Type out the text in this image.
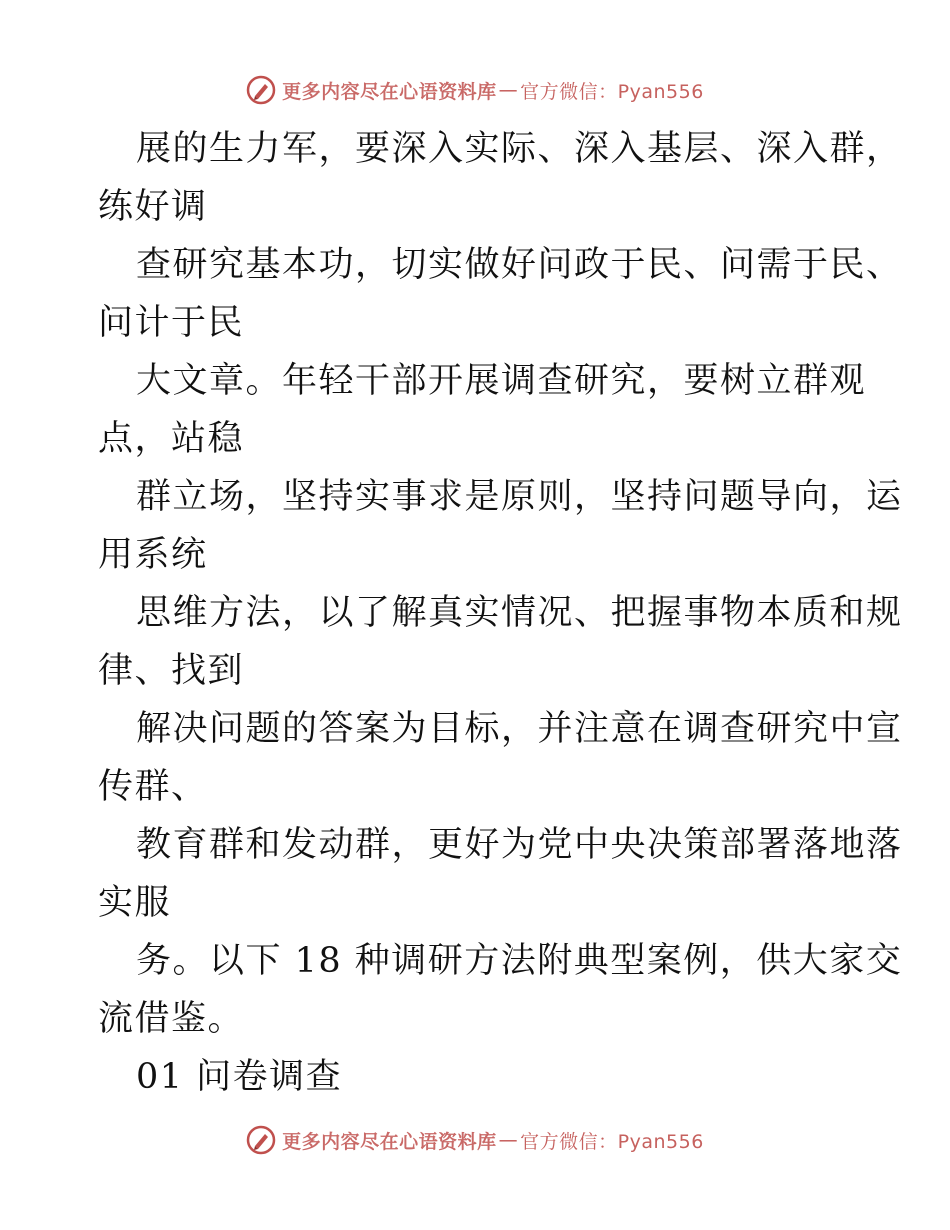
更多内容尽在心语资料库 — 官方微信：Pyan556
展的生力军，要深入实际、深入基层、深入群，
练好调
查研究基本功，切实做好问政于民、问需于民、
问计于民
大文章。年轻干部开展调查研究，要树立群观
点，站稳
群立场，坚持实事求是原则，坚持问题导向，运
用系统
思维方法，以了解真实情况、把握事物本质和规
律、找到
解决问题的答案为目标，并注意在调查研究中宣
传群、
教育群和发动群，更好为党中央决策部署落地落
实服
务。以下 18 种调研方法附典型案例，供大家交
流借鉴。
01 问卷调查
更多内容尽在心语资料库 — 官方微信：Pyan556
